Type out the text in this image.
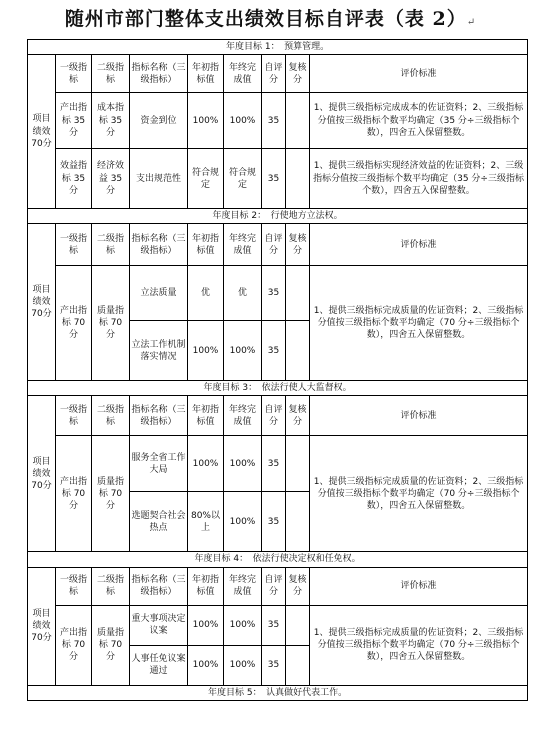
随州市部门整体支出绩效目标自评表（表 2）↵
年度目标 1：　预算管理。								
项目绩效70分	一级指标	二级指标	指标名称（三级指标）	年初指标值	年终完成值	自评分	复核分	评价标准
	产出指标 35 分	成本指标 35 分	资金到位	100%	100%	35		1、提供三级指标完成成本的佐证资料；2、三级指标分值按三级指标个数平均确定（35 分÷三级指标个数），四舍五入保留整数。
	效益指标 35 分	经济效益 35 分	支出规范性	符合规定	符合规定	35		1、提供三级指标实现经济效益的佐证资料；2、三级指标分值按三级指标个数平均确定（35 分÷三级指标个数），四舍五入保留整数。
年度目标 2：　行使地方立法权。								
项目绩效70分	一级指标	二级指标	指标名称（三级指标）	年初指标值	年终完成值	自评分	复核分	评价标准
	产出指标 70 分	质量指标 70 分	立法质量	优	优	35		1、提供三级指标完成质量的佐证资料；2、三级指标分值按三级指标个数平均确定（70 分÷三级指标个数），四舍五入保留整数。
			立法工作机制落实情况	100%	100%	35		
年度目标 3：　依法行使人大监督权。								
项目绩效70分	一级指标	二级指标	指标名称（三级指标）	年初指标值	年终完成值	自评分	复核分	评价标准
	产出指标 70 分	质量指标 70 分	服务全省工作大局	100%	100%	35		1、提供三级指标完成质量的佐证资料；2、三级指标分值按三级指标个数平均确定（70 分÷三级指标个数），四舍五入保留整数。
			选题契合社会热点	80%以上	100%	35		
年度目标 4：　依法行使决定权和任免权。								
项目绩效70分	一级指标	二级指标	指标名称（三级指标）	年初指标值	年终完成值	自评分	复核分	评价标准
	产出指标 70 分	质量指标 70 分	重大事项决定议案	100%	100%	35		1、提供三级指标完成质量的佐证资料；2、三级指标分值按三级指标个数平均确定（70 分÷三级指标个数），四舍五入保留整数。
			人事任免议案通过	100%	100%	35		
年度目标 5：　认真做好代表工作。								
